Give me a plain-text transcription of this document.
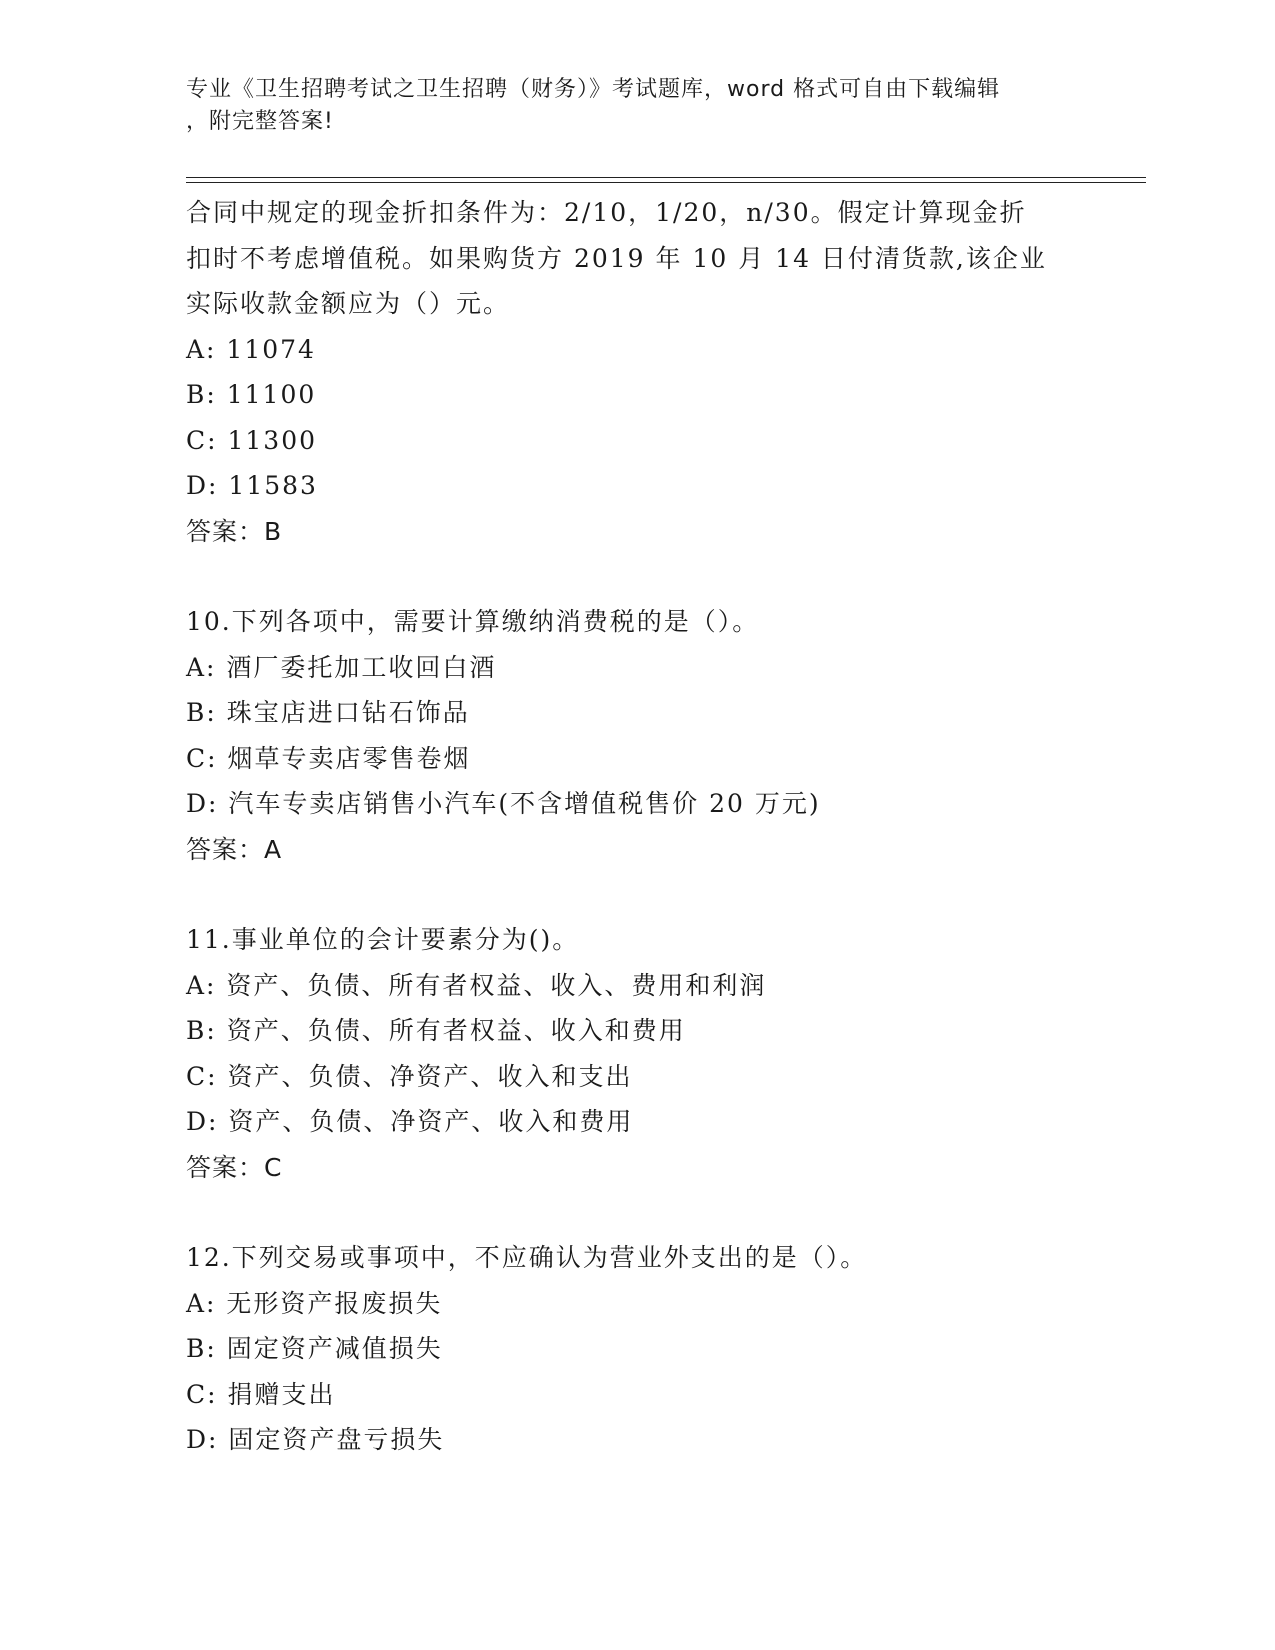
专业《卫生招聘考试之卫生招聘（财务）》考试题库，word 格式可自由下载编辑
，附完整答案!
合同中规定的现金折扣条件为：2/10，1/20，n/30。假定计算现金折
扣时不考虑增值税。如果购货方 2019 年 10 月 14 日付清货款,该企业
实际收款金额应为（）元。
A: 11074
B: 11100
C: 11300
D: 11583
答案：B
10.下列各项中，需要计算缴纳消费税的是（）。
A: 酒厂委托加工收回白酒
B: 珠宝店进口钻石饰品
C: 烟草专卖店零售卷烟
D: 汽车专卖店销售小汽车(不含增值税售价 20 万元)
答案：A
11.事业单位的会计要素分为()。
A: 资产、负债、所有者权益、收入、费用和利润
B: 资产、负债、所有者权益、收入和费用
C: 资产、负债、净资产、收入和支出
D: 资产、负债、净资产、收入和费用
答案：C
12.下列交易或事项中，不应确认为营业外支出的是（）。
A: 无形资产报废损失
B: 固定资产减值损失
C: 捐赠支出
D: 固定资产盘亏损失
